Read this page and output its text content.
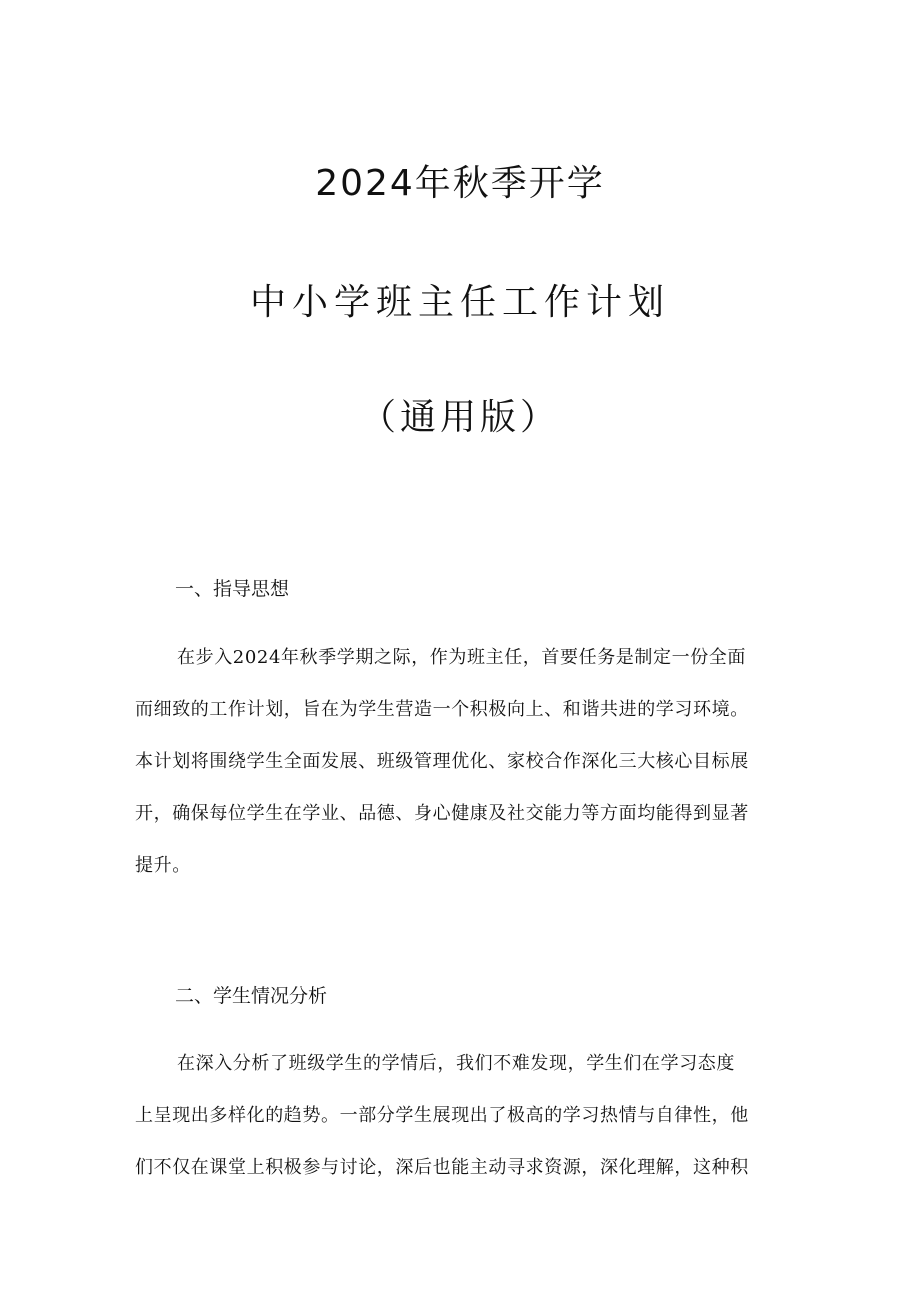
2024年秋季开学
中小学班主任工作计划
（通用版）
一、指导思想
在步入2024年秋季学期之际，作为班主任，首要任务是制定一份全面
而细致的工作计划，旨在为学生营造一个积极向上、和谐共进的学习环境。
本计划将围绕学生全面发展、班级管理优化、家校合作深化三大核心目标展
开，确保每位学生在学业、品德、身心健康及社交能力等方面均能得到显著
提升。
二、学生情况分析
在深入分析了班级学生的学情后，我们不难发现，学生们在学习态度
上呈现出多样化的趋势。一部分学生展现出了极高的学习热情与自律性，他
们不仅在课堂上积极参与讨论，深后也能主动寻求资源，深化理解，这种积
